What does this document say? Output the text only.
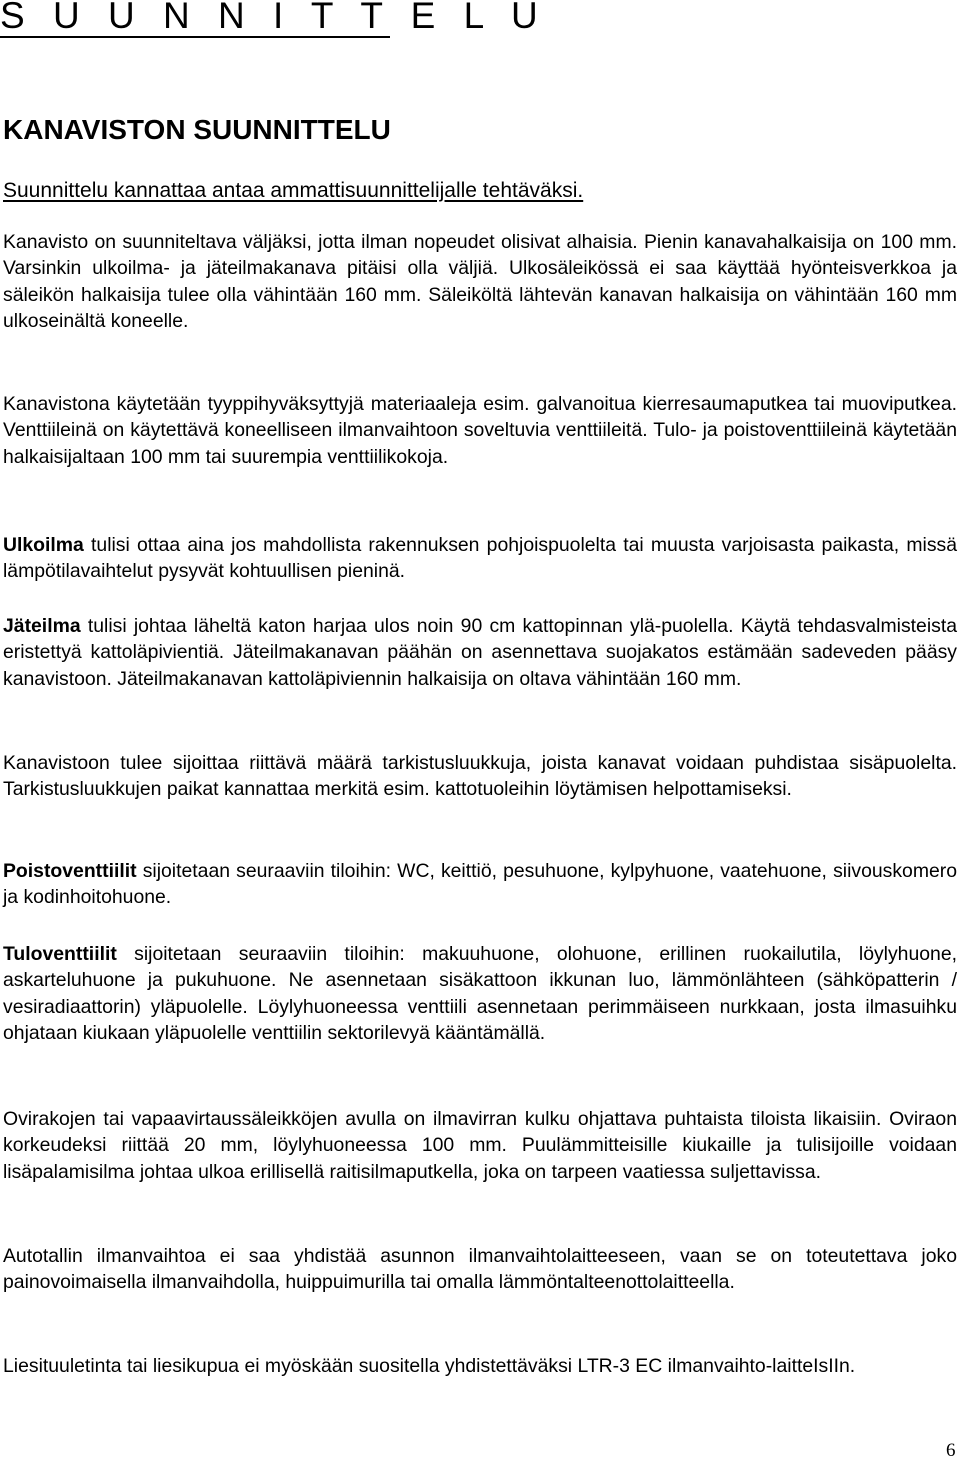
S U U N N I T T E L U
KANAVISTON SUUNNITTELU
Suunnittelu kannattaa antaa ammattisuunnittelijalle tehtäväksi.

Kanavisto on suunniteltava väljäksi, jotta ilman nopeudet olisivat alhaisia. Pienin kanavahalkaisija on 100 mm. Varsinkin ulkoilma- ja jäteilmakanava pitäisi olla väljiä. Ulkosäleikössä ei saa käyttää hyönteisverkkoa ja säleikön halkaisija tulee olla vähintään 160 mm. Säleiköltä lähtevän kanavan halkaisija on vähintään 160 mm ulkoseinältä koneelle.

Kanavistona käytetään tyyppihyväksyttyjä materiaaleja esim. galvanoitua kierresaumaputkea tai muoviputkea. Venttiileinä on käytettävä koneelliseen ilmanvaihtoon soveltuvia venttiileitä. Tulo- ja poistoventtiileinä käytetään halkaisijaltaan 100 mm tai suurempia venttiilikokoja.

Ulkoilma tulisi ottaa aina jos mahdollista rakennuksen pohjoispuolelta tai muusta varjoisasta paikasta, missä lämpötilavaihtelut pysyvät kohtuullisen pieninä.

Jäteilma tulisi johtaa läheltä katon harjaa ulos noin 90 cm kattopinnan ylä-puolella. Käytä tehdasvalmisteista eristettyä kattoläpivientiä. Jäteilmakanavan päähän on asennettava suojakatos estämään sadeveden pääsy kanavistoon. Jäteilmakanavan kattoläpiviennin halkaisija on oltava vähintään 160 mm.

Kanavistoon tulee sijoittaa riittävä määrä tarkistusluukkuja, joista kanavat voidaan puhdistaa sisäpuolelta. Tarkistusluukkujen paikat kannattaa merkitä esim. kattotuoleihin löytämisen helpottamiseksi.

Poistoventtiilit sijoitetaan seuraaviin tiloihin: WC, keittiö, pesuhuone, kylpyhuone, vaatehuone, siivouskomero ja kodinhoitohuone.

Tuloventtiilit sijoitetaan seuraaviin tiloihin: makuuhuone, olohuone, erillinen ruokailutila, löylyhuone, askarteluhuone ja pukuhuone. Ne asennetaan sisäkattoon ikkunan luo, lämmönlähteen (sähköpatterin / vesiradiaattorin) yläpuolelle. Löylyhuoneessa venttiili asennetaan perimmäiseen nurkkaan, josta ilmasuihku ohjataan kiukaan yläpuolelle venttiilin sektorilevyä kääntämällä.

Ovirakojen tai vapaavirtaussäleikköjen avulla on ilmavirran kulku ohjattava puhtaista tiloista likaisiin. Oviraon korkeudeksi riittää 20 mm, löylyhuoneessa 100 mm. Puulämmitteisille kiukaille ja tulisijoille voidaan lisäpalamisilma johtaa ulkoa erillisellä raitisilmaputkella, joka on tarpeen vaatiessa suljettavissa.

Autotallin ilmanvaihtoa ei saa yhdistää asunnon ilmanvaihtolaitteeseen, vaan se on toteutettava joko painovoimaisella ilmanvaihdolla, huippuimurilla tai omalla lämmöntalteenottolaitteella.

Liesituuletinta tai liesikupua ei myöskään suositella yhdistettäväksi LTR-3 EC ilmanvaihto-laitteIsIIn.

6
